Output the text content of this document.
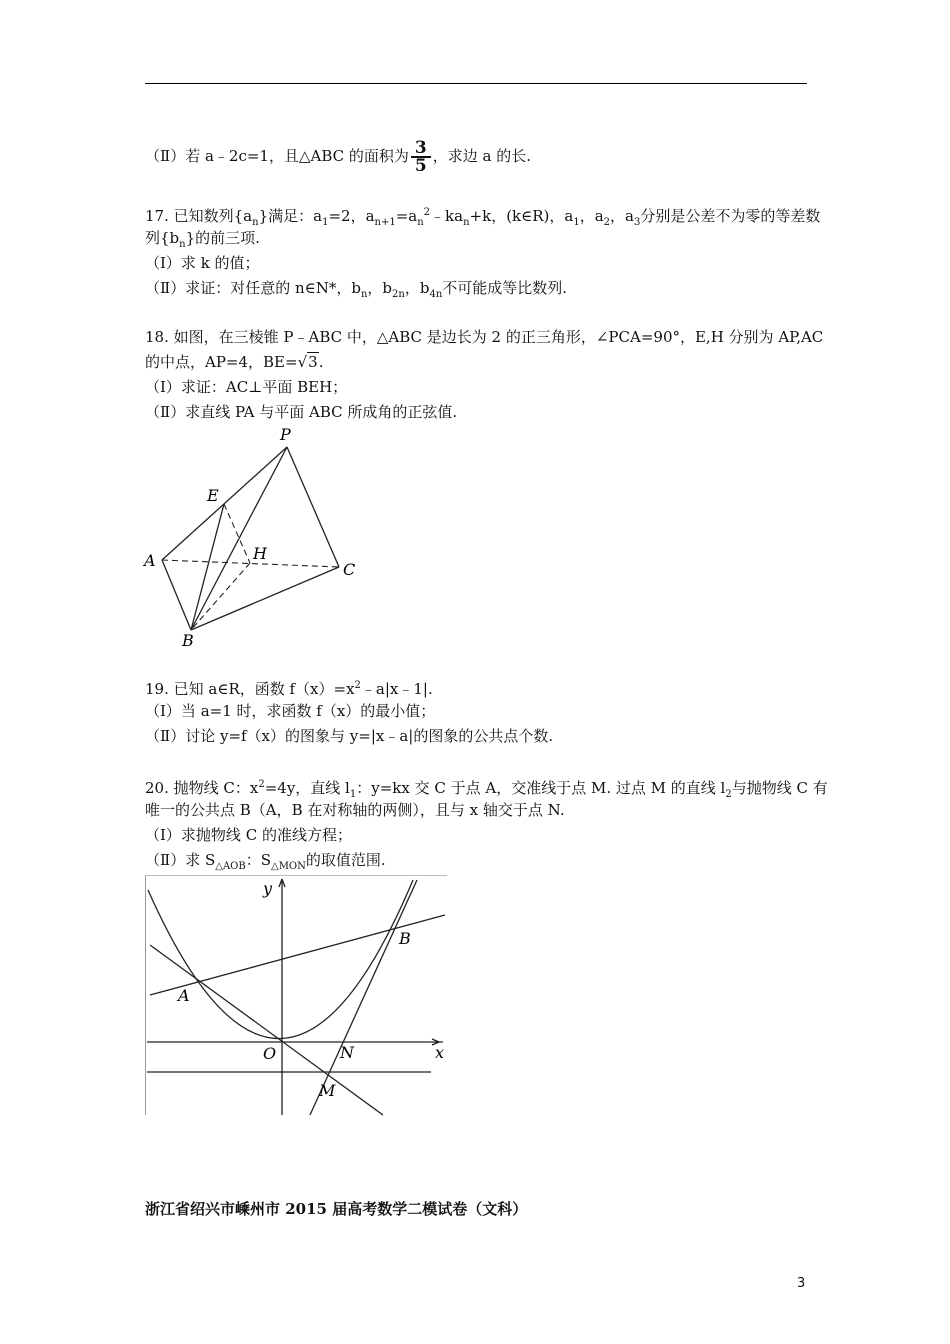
（Ⅱ）若 a﹣2c=1，且△ABC 的面积为 $\frac{3}{5}$ ，求边 a 的长.
17. 已知数列$\{a_n\}$满足：$a_1=2$，$a_{n+1}=a_n^2﹣ka_n+k$，(k∈R)，$a_1$，$a_2$，$a_3$分别是公差不为零的等差数
列$\{b_n\}$的前三项.
（Ⅰ）求 k 的值；
（Ⅱ）求证：对任意的 n∈N*，$b_n$，$b_{2n}$，$b_{4n}$不可能成等比数列.
18. 如图，在三棱锥 P﹣ABC 中，△ABC 是边长为 2 的正三角形，∠PCA=90°，E,H 分别为 AP,AC
的中点，AP=4，BE=√3.
（Ⅰ）求证：AC⊥平面 BEH；
（Ⅱ）求直线 PA 与平面 ABC 所成角的正弦值.
P
E
H
A	C
B
19. 已知 a∈R，函数 $f(x)=x^2﹣a|x﹣1|$.
（Ⅰ）当 a=1 时，求函数 f（x）的最小值；
（Ⅱ）讨论 y=f（x）的图象与 y=|x﹣a|的图象的公共点个数.
20. 抛物线 C：$x^2=4y$，直线 $l_1$：y=kx 交 C 于点 A，交准线于点 M. 过点 M 的直线 $l_2$与抛物线 C 有
唯一的公共点 B（A，B 在对称轴的两侧），且与 x 轴交于点 N.
（Ⅰ）求抛物线 C 的准线方程；
（Ⅱ）求 $S_{\triangle AOB}$：$S_{\triangle MON}$的取值范围.
y
x
O
A
B
N
M
浙江省绍兴市嵊州市 2015 届高考数学二模试卷（文科）
3
